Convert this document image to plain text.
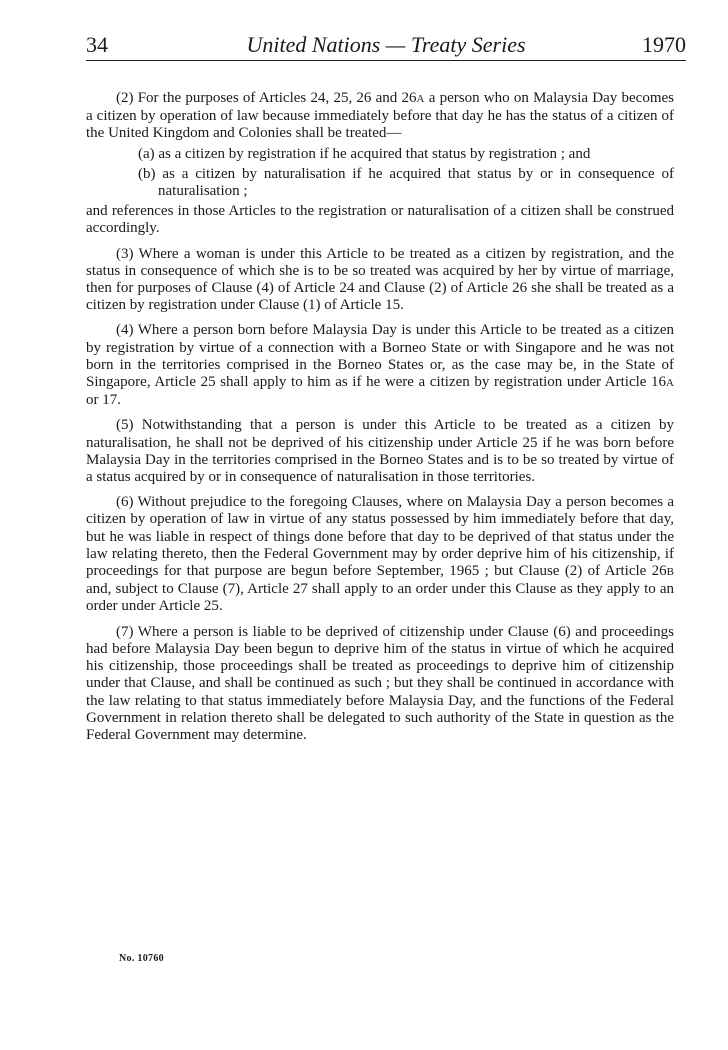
34	United Nations — Treaty Series	1970

(2) For the purposes of Articles 24, 25, 26 and 26A a person who on Malaysia Day becomes a citizen by operation of law because immediately before that day he has the status of a citizen of the United Kingdom and Colonies shall be treated—

(a) as a citizen by registration if he acquired that status by registration ; and

(b) as a citizen by naturalisation if he acquired that status by or in consequence of naturalisation ;

and references in those Articles to the registration or naturalisation of a citizen shall be construed accordingly.

(3) Where a woman is under this Article to be treated as a citizen by registration, and the status in consequence of which she is to be so treated was acquired by her by virtue of marriage, then for purposes of Clause (4) of Article 24 and Clause (2) of Article 26 she shall be treated as a citizen by registration under Clause (1) of Article 15.

(4) Where a person born before Malaysia Day is under this Article to be treated as a citizen by registration by virtue of a connection with a Borneo State or with Singapore and he was not born in the territories comprised in the Borneo States or, as the case may be, in the State of Singapore, Article 25 shall apply to him as if he were a citizen by registration under Article 16A or 17.

(5) Notwithstanding that a person is under this Article to be treated as a citizen by naturalisation, he shall not be deprived of his citizenship under Article 25 if he was born before Malaysia Day in the territories comprised in the Borneo States and is to be so treated by virtue of a status acquired by or in consequence of naturalisation in those territories.

(6) Without prejudice to the foregoing Clauses, where on Malaysia Day a person becomes a citizen by operation of law in virtue of any status possessed by him immediately before that day, but he was liable in respect of things done before that day to be deprived of that status under the law relating thereto, then the Federal Government may by order deprive him of his citizenship, if proceedings for that purpose are begun before September, 1965 ; but Clause (2) of Article 26B and, subject to Clause (7), Article 27 shall apply to an order under this Clause as they apply to an order under Article 25.

(7) Where a person is liable to be deprived of citizenship under Clause (6) and proceedings had before Malaysia Day been begun to deprive him of the status in virtue of which he acquired his citizenship, those proceedings shall be treated as proceedings to deprive him of citizenship under that Clause, and shall be continued as such ; but they shall be continued in accordance with the law relating to that status immediately before Malaysia Day, and the functions of the Federal Government in relation thereto shall be delegated to such authority of the State in question as the Federal Government may determine.

No. 10760
